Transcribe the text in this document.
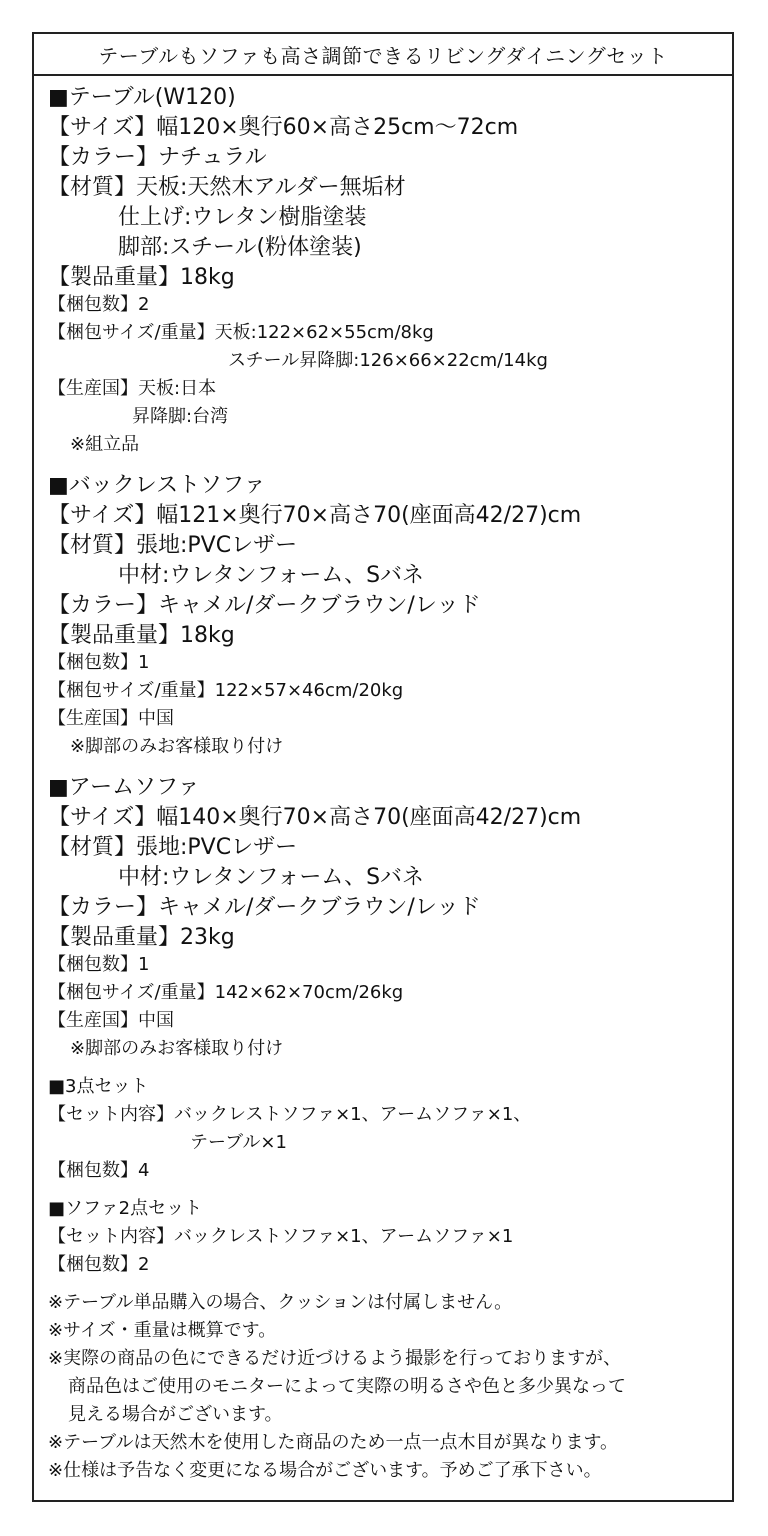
テーブルもソファも高さ調節できるリビングダイニングセット
■テーブル(W120)
【サイズ】幅120×奥行60×高さ25cm〜72cm
【カラー】ナチュラル
【材質】天板:天然木アルダー無垢材
仕上げ:ウレタン樹脂塗装
脚部:スチール(粉体塗装)
【製品重量】18kg
【梱包数】2
【梱包サイズ/重量】天板:122×62×55cm/8kg
スチール昇降脚:126×66×22cm/14kg
【生産国】天板:日本
昇降脚:台湾
※組立品
■バックレストソファ
【サイズ】幅121×奥行70×高さ70(座面高42/27)cm
【材質】張地:PVCレザー
中材:ウレタンフォーム、Sバネ
【カラー】キャメル/ダークブラウン/レッド
【製品重量】18kg
【梱包数】1
【梱包サイズ/重量】122×57×46cm/20kg
【生産国】中国
※脚部のみお客様取り付け
■アームソファ
【サイズ】幅140×奥行70×高さ70(座面高42/27)cm
【材質】張地:PVCレザー
中材:ウレタンフォーム、Sバネ
【カラー】キャメル/ダークブラウン/レッド
【製品重量】23kg
【梱包数】1
【梱包サイズ/重量】142×62×70cm/26kg
【生産国】中国
※脚部のみお客様取り付け
■3点セット
【セット内容】バックレストソファ×1、アームソファ×1、
テーブル×1
【梱包数】4
■ソファ2点セット
【セット内容】バックレストソファ×1、アームソファ×1
【梱包数】2
※テーブル単品購入の場合、クッションは付属しません。
※サイズ・重量は概算です。
※実際の商品の色にできるだけ近づけるよう撮影を行っておりますが、
商品色はご使用のモニターによって実際の明るさや色と多少異なって
見える場合がございます。
※テーブルは天然木を使用した商品のため一点一点木目が異なります。
※仕様は予告なく変更になる場合がございます。予めご了承下さい。
